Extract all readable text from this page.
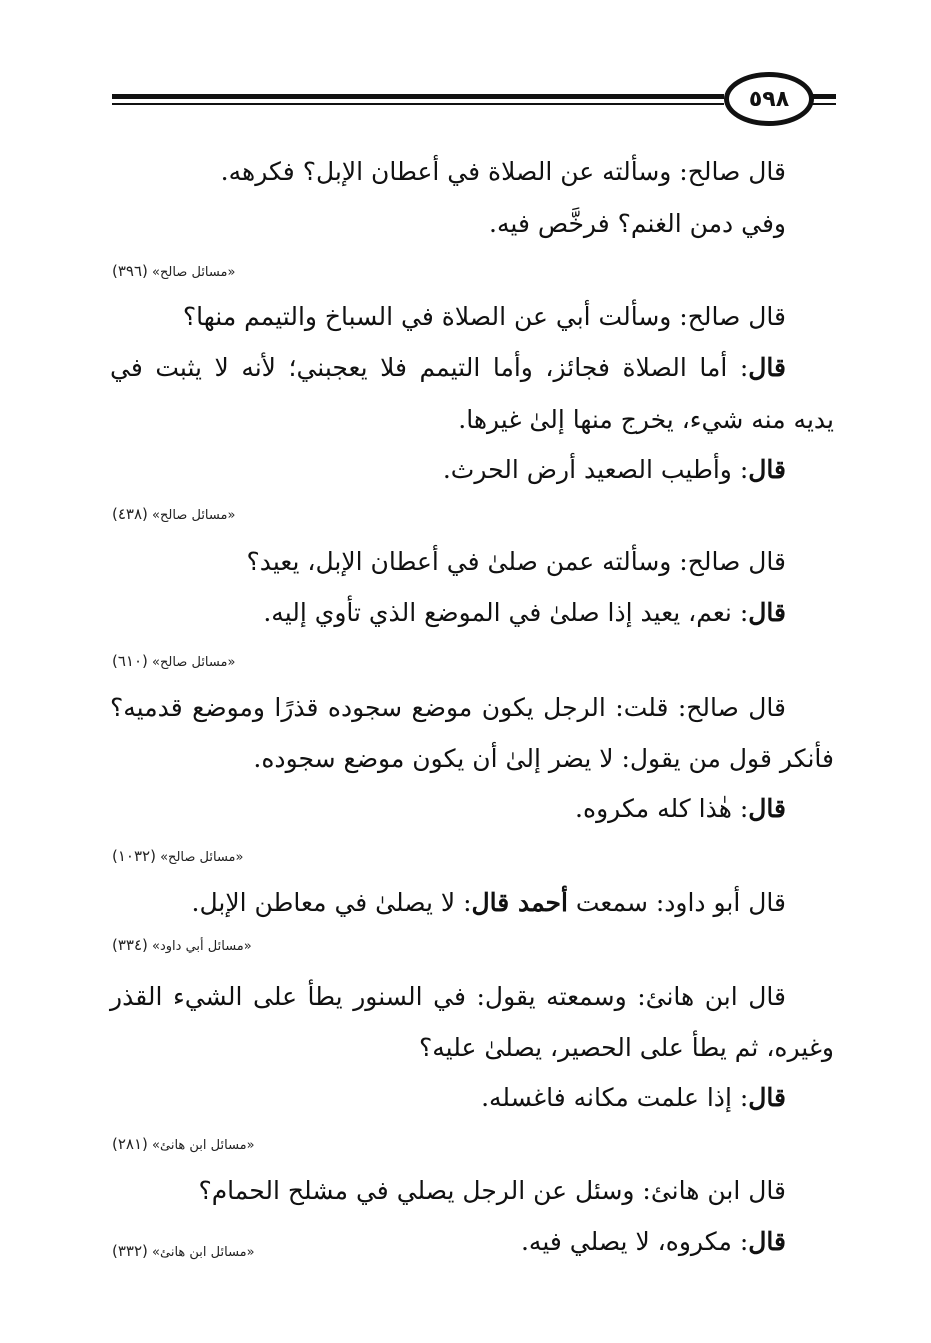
٥٩٨
قال صالح: وسألته عن الصلاة في أعطان الإبل؟ فكرهه.
وفي دمن الغنم؟ فرخَّص فيه.
«مسائل صالح» (٣٩٦)
قال صالح: وسألت أبي عن الصلاة في السباخ والتيمم منها؟
قال: أما الصلاة فجائز، وأما التيمم فلا يعجبني؛ لأنه لا يثبت في
يديه منه شيء، يخرج منها إلىٰ غيرها.
قال: وأطيب الصعيد أرض الحرث.
«مسائل صالح» (٤٣٨)
قال صالح: وسألته عمن صلىٰ في أعطان الإبل، يعيد؟
قال: نعم، يعيد إذا صلىٰ في الموضع الذي تأوي إليه.
«مسائل صالح» (٦١٠)
قال صالح: قلت: الرجل يكون موضع سجوده قذرًا وموضع قدميه؟
فأنكر قول من يقول: لا يضر إلىٰ أن يكون موضع سجوده.
قال: هٰذا كله مكروه.
«مسائل صالح» (١٠٣٢)
قال أبو داود: سمعت أحمد قال: لا يصلىٰ في معاطن الإبل.
«مسائل أبي داود» (٣٣٤)
قال ابن هانئ: وسمعته يقول: في السنور يطأ على الشيء القذر
وغيره، ثم يطأ على الحصير، يصلىٰ عليه؟
قال: إذا علمت مكانه فاغسله.
«مسائل ابن هانئ» (٢٨١)
قال ابن هانئ: وسئل عن الرجل يصلي في مشلح الحمام؟
قال: مكروه، لا يصلي فيه.
«مسائل ابن هانئ» (٣٣٢)
